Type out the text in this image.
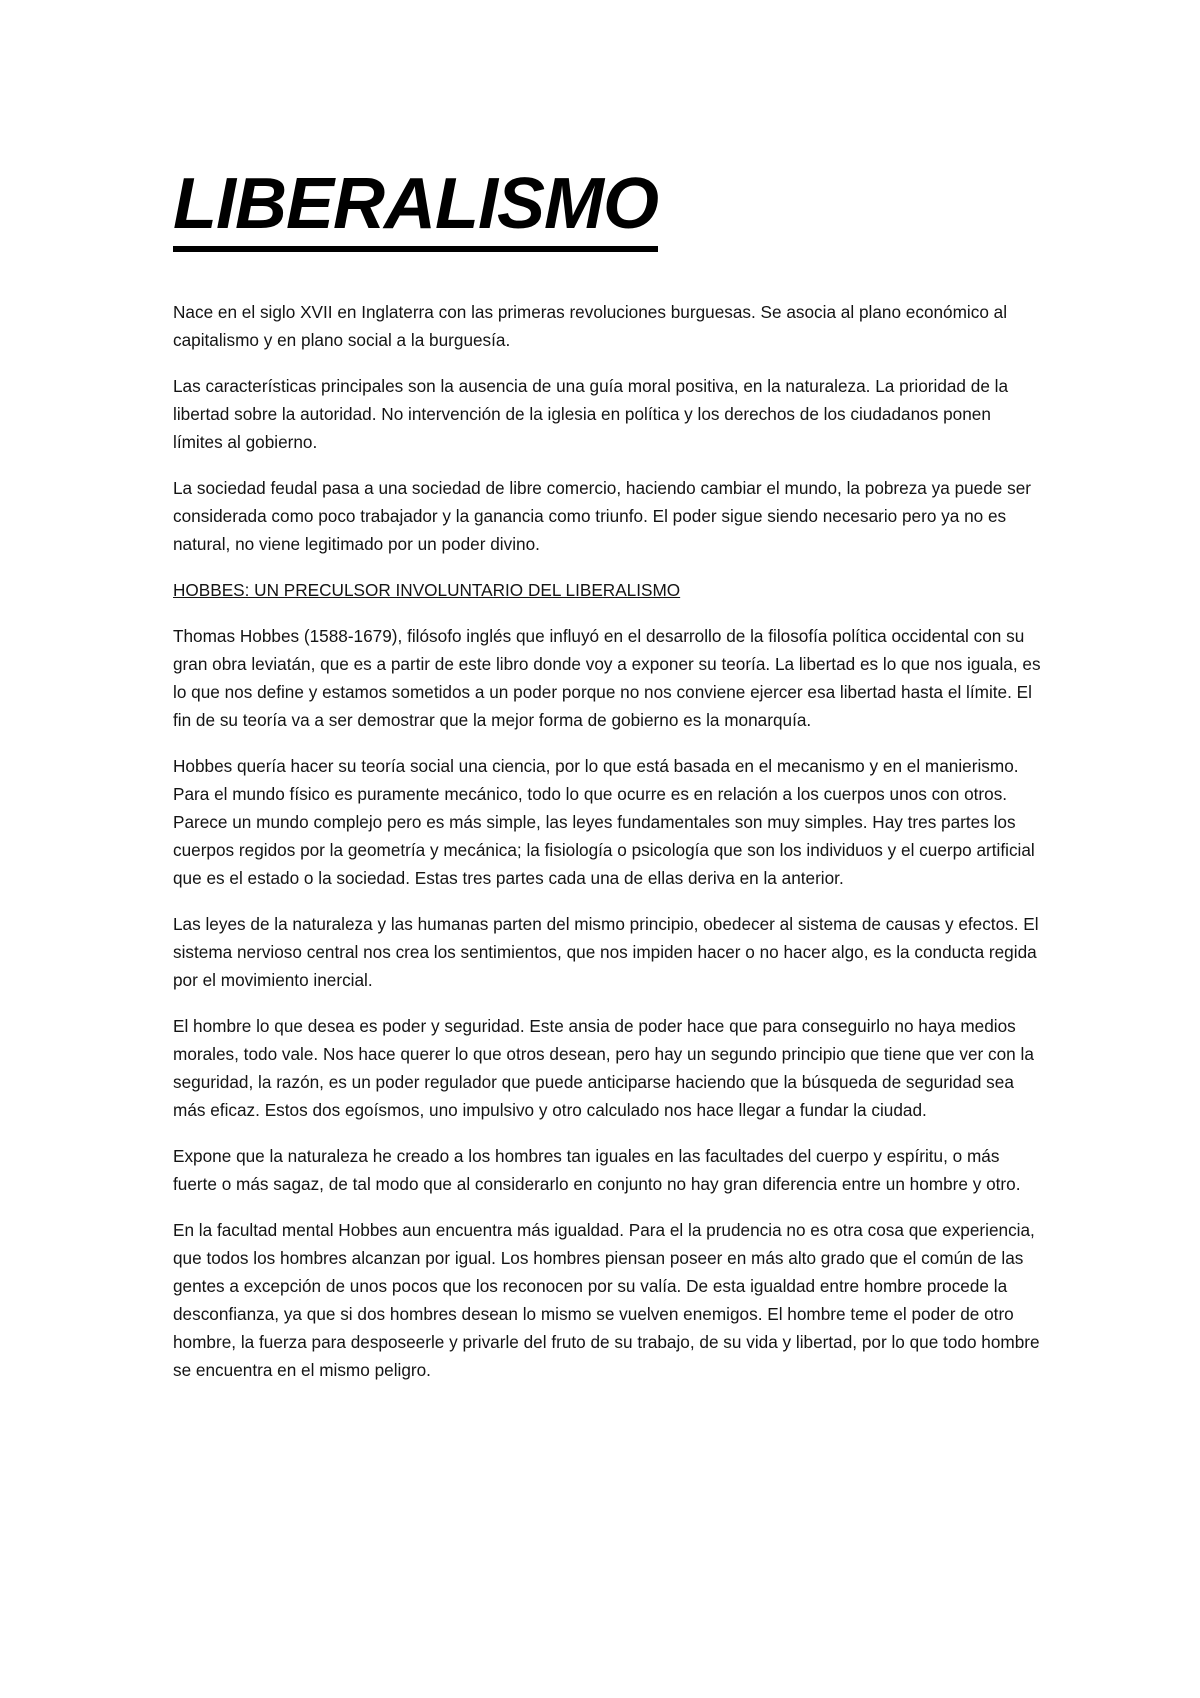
LIBERALISMO

Nace en el siglo XVII en Inglaterra con las primeras revoluciones burguesas. Se asocia al plano económico al capitalismo y en plano social a la burguesía.

Las características principales son la ausencia de una guía moral positiva, en la naturaleza. La prioridad de la libertad sobre la autoridad. No intervención de la iglesia en política y los derechos de los ciudadanos ponen límites al gobierno.

La sociedad feudal pasa a una sociedad de libre comercio, haciendo cambiar el mundo, la pobreza ya puede ser considerada como poco trabajador y la ganancia como triunfo. El poder sigue siendo necesario pero ya no es natural, no viene legitimado por un poder divino.

HOBBES: UN PRECULSOR INVOLUNTARIO DEL LIBERALISMO

Thomas Hobbes (1588-1679), filósofo inglés que influyó en el desarrollo de la filosofía política occidental con su gran obra leviatán, que es a partir de este libro donde voy a exponer su teoría. La libertad es lo que nos iguala, es lo que nos define y estamos sometidos a un poder porque no nos conviene ejercer esa libertad hasta el límite. El fin de su teoría va a ser demostrar que la mejor forma de gobierno es la monarquía.

Hobbes quería hacer su teoría social una ciencia, por lo que está basada en el mecanismo y en el manierismo. Para el mundo físico es puramente mecánico, todo lo que ocurre es en relación a los cuerpos unos con otros. Parece un mundo complejo pero es más simple, las leyes fundamentales son muy simples. Hay tres partes los cuerpos regidos por la geometría y mecánica; la fisiología o psicología que son los individuos y el cuerpo artificial que es el estado o la sociedad. Estas tres partes cada una de ellas deriva en la anterior.

Las leyes de la naturaleza y las humanas parten del mismo principio, obedecer al sistema de causas y efectos. El sistema nervioso central nos crea los sentimientos, que nos impiden hacer o no hacer algo, es la conducta regida por el movimiento inercial.

El hombre lo que desea es poder y seguridad. Este ansia de poder hace que para conseguirlo no haya medios morales, todo vale. Nos hace querer lo que otros desean, pero hay un segundo principio que tiene que ver con la seguridad, la razón, es un poder regulador que puede anticiparse haciendo que la búsqueda de seguridad sea más eficaz. Estos dos egoísmos, uno impulsivo y otro calculado nos hace llegar a fundar la ciudad.

Expone que la naturaleza he creado a los hombres tan iguales en las facultades del cuerpo y espíritu, o más fuerte o más sagaz, de tal modo que al considerarlo en conjunto no hay gran diferencia entre un hombre y otro.

En la facultad mental Hobbes aun encuentra más igualdad. Para el la prudencia no es otra cosa que experiencia, que todos los hombres alcanzan por igual. Los hombres piensan poseer en más alto grado que el común de las gentes a excepción de unos pocos que los reconocen por su valía. De esta igualdad entre hombre procede la desconfianza, ya que si dos hombres desean lo mismo se vuelven enemigos. El hombre teme el poder de otro hombre, la fuerza para desposeerle y privarle del fruto de su trabajo, de su vida y libertad, por lo que todo hombre se encuentra en el mismo peligro.
